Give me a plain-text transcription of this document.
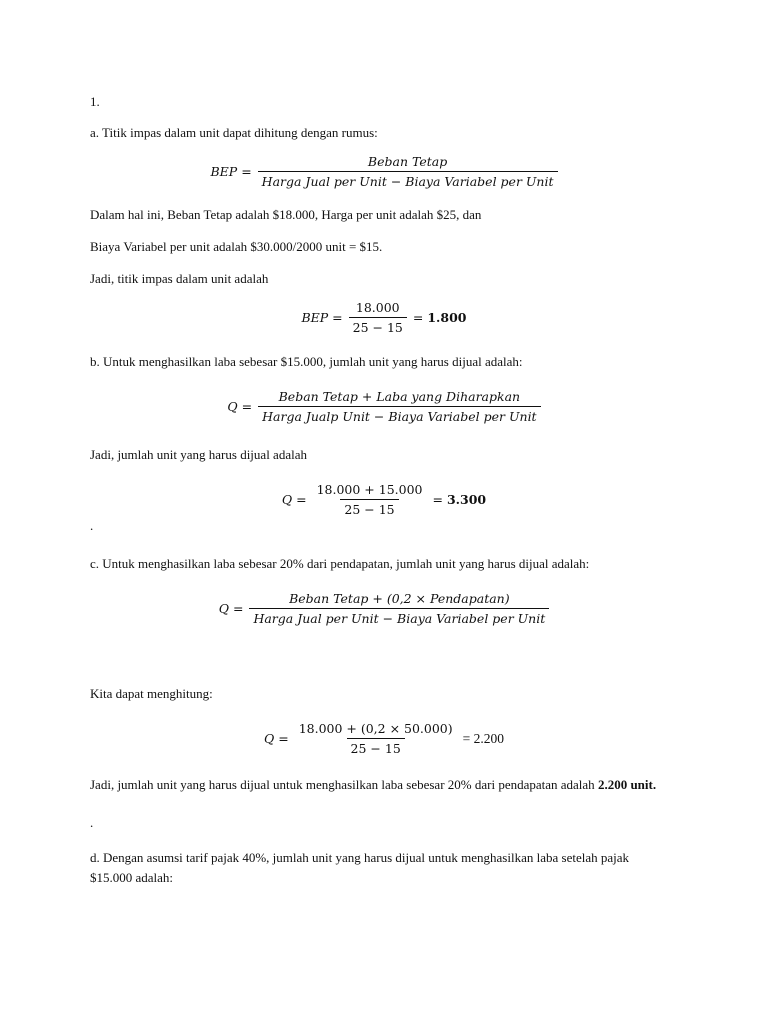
1.
a. Titik impas dalam unit dapat dihitung dengan rumus:
BEP = $\frac{\text{Beban Tetap}}{\text{Harga Jual per Unit − Biaya Variabel per Unit}}$
Dalam hal ini, Beban Tetap adalah $18.000, Harga per unit adalah $25, dan
Biaya Variabel per unit adalah $30.000/2000 unit = $15.
Jadi, titik impas dalam unit adalah
BEP = $\frac{18.000}{25 - 15} = 1.800$
b. Untuk menghasilkan laba sebesar $15.000, jumlah unit yang harus dijual adalah:
$Q = \frac{\text{Beban Tetap + Laba yang Diharapkan}}{\text{Harga Jualp Unit − Biaya Variabel per Unit}}$
Jadi, jumlah unit yang harus dijual adalah
$Q = \frac{18.000 + 15.000}{25 - 15} = 3.300$
.
c. Untuk menghasilkan laba sebesar 20% dari pendapatan, jumlah unit yang harus dijual adalah:
$Q = \frac{\text{Beban Tetap + (0,2 × Pendapatan)}}{\text{Harga Jual per Unit − Biaya Variabel per Unit}}$
Kita dapat menghitung:
$Q = \frac{18.000 + (0,2 \times 50.000)}{25 - 15} = 2.200$
Jadi, jumlah unit yang harus dijual untuk menghasilkan laba sebesar 20% dari pendapatan adalah 2.200 unit.
.
d. Dengan asumsi tarif pajak 40%, jumlah unit yang harus dijual untuk menghasilkan laba setelah pajak
$15.000 adalah:
